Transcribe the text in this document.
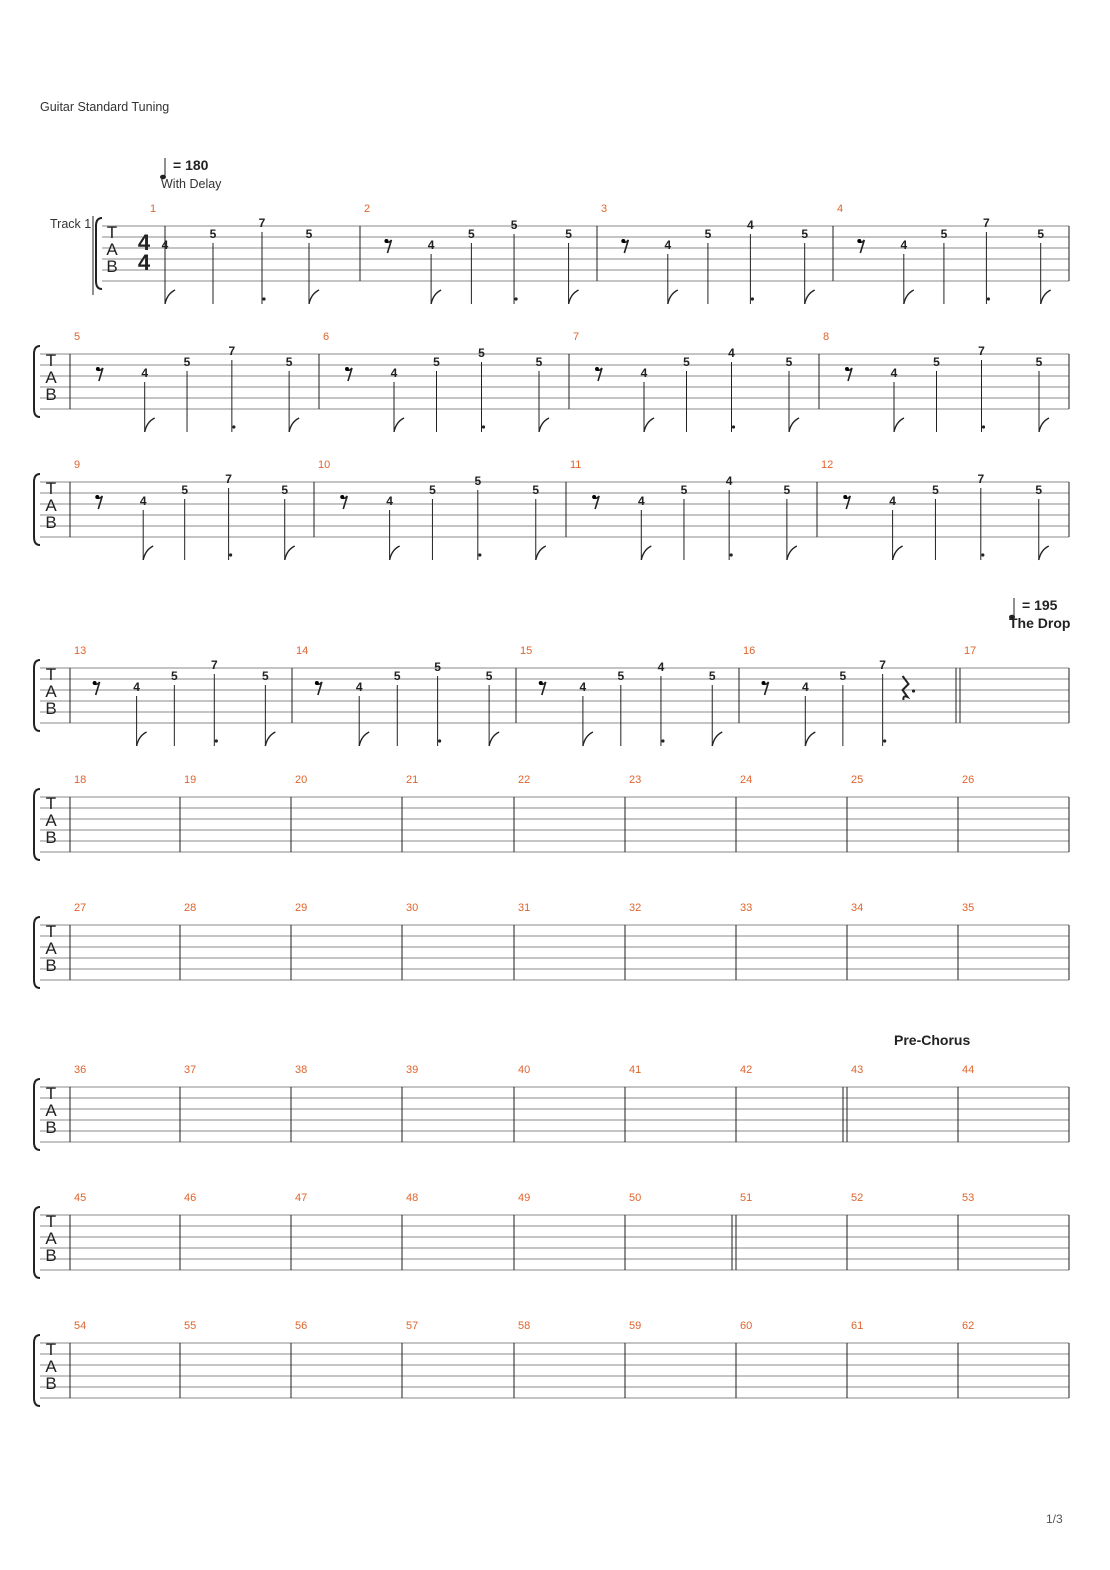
Guitar Standard Tuning
Track 1
= 180
With Delay
= 195
The Drop
Pre-Chorus
T
A
B
4
4
1
4
5
7
5
2
4
5
5
5
3
4
5
4
5
4
4
5
7
5
T
A
B
5
4
5
7
5
6
4
5
5
5
7
4
5
4
5
8
4
5
7
5
T
A
B
9
4
5
7
5
10
4
5
5
5
11
4
5
4
5
12
4
5
7
5
T
A
B
13
4
5
7
5
14
4
5
5
5
15
4
5
4
5
16
4
5
7
17
T
A
B
18	19	20	21	22	23	24	25	26
T
A
B
27	28	29	30	31	32	33	34	35
T
A
B
36	37	38	39	40	41	42	43	44
T
A
B
45	46	47	48	49	50	51	52	53
T
A
B
54	55	56	57	58	59	60	61	62
1/3
